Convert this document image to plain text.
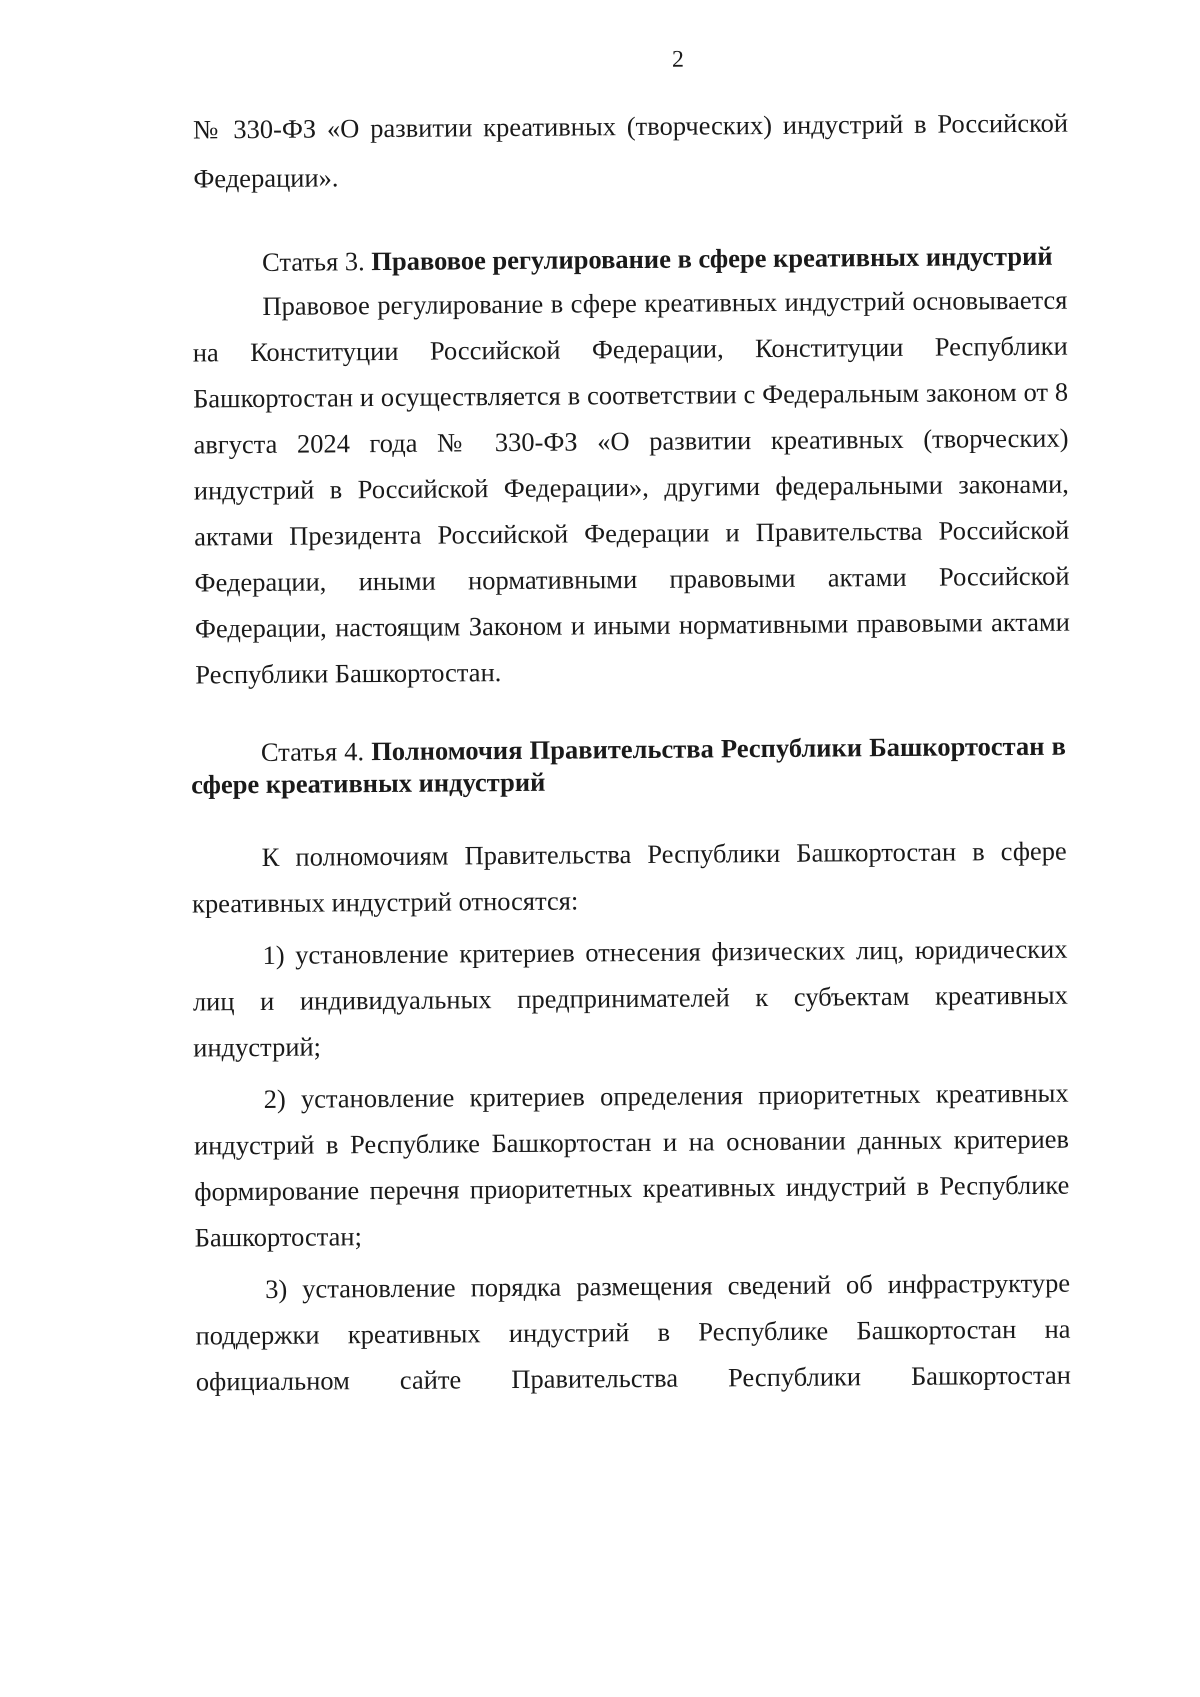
2

№ 330-ФЗ «О развитии креативных (творческих) индустрий в Российской Федерации».

Статья 3. Правовое регулирование в сфере креативных индустрий

Правовое регулирование в сфере креативных индустрий основывается на Конституции Российской Федерации, Конституции Республики Башкортостан и осуществляется в соответствии с Федеральным законом от 8 августа 2024 года № 330-ФЗ «О развитии креативных (творческих) индустрий в Российской Федерации», другими федеральными законами, актами Президента Российской Федерации и Правительства Российской Федерации, иными нормативными правовыми актами Российской Федерации, настоящим Законом и иными нормативными правовыми актами Республики Башкортостан.

Статья 4. Полномочия Правительства Республики Башкортостан в сфере креативных индустрий

К полномочиям Правительства Республики Башкортостан в сфере креативных индустрий относятся:

1) установление критериев отнесения физических лиц, юридических лиц и индивидуальных предпринимателей к субъектам креативных индустрий;

2) установление критериев определения приоритетных креативных индустрий в Республике Башкортостан и на основании данных критериев формирование перечня приоритетных креативных индустрий в Республике Башкортостан;

3) установление порядка размещения сведений об инфраструктуре поддержки креативных индустрий в Республике Башкортостан на официальном сайте Правительства Республики Башкортостан
